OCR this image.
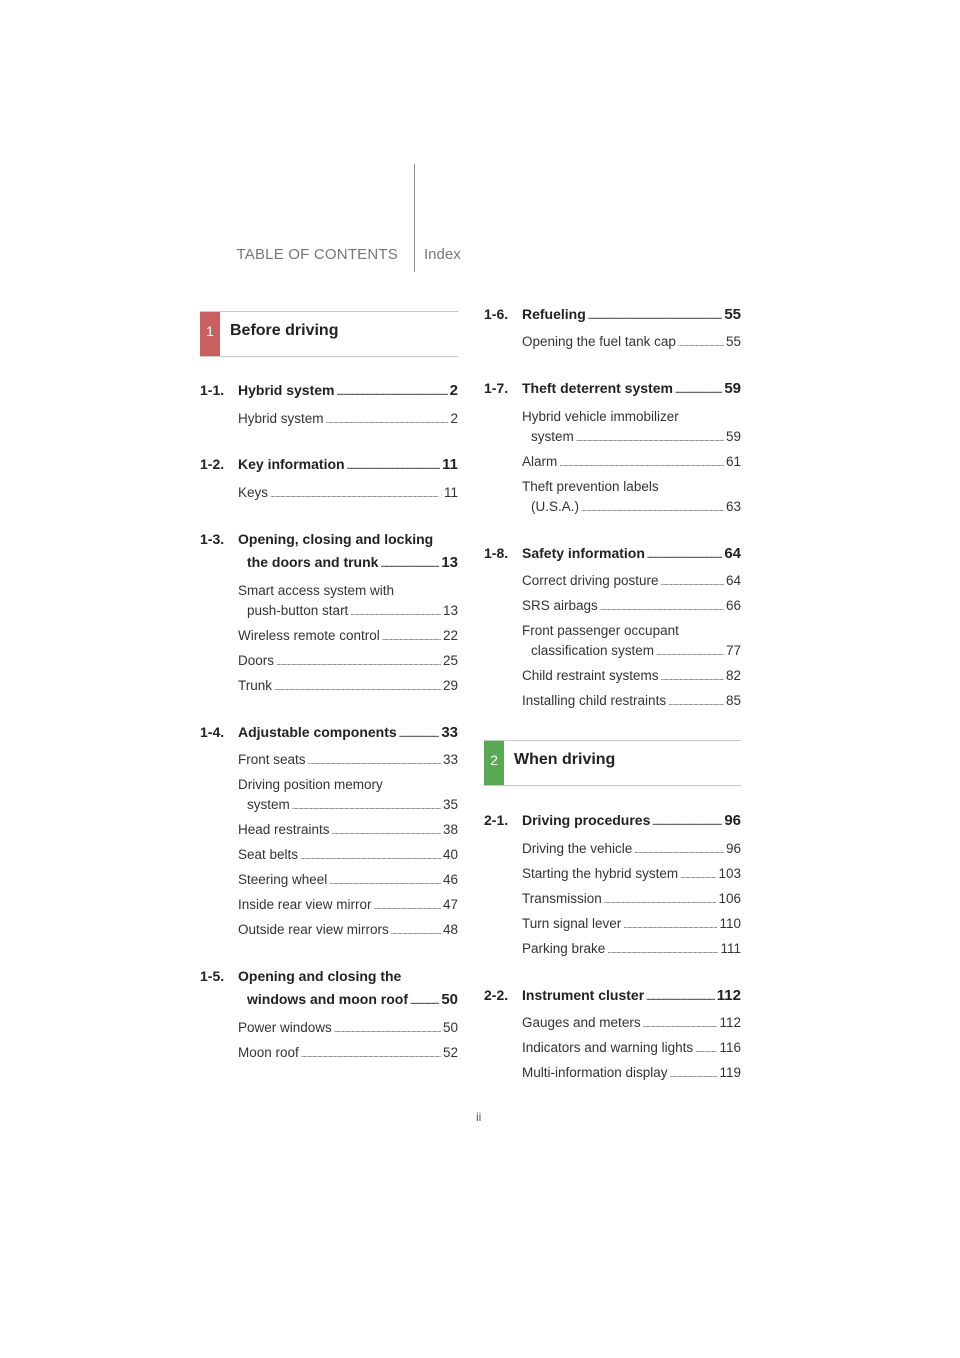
TABLE OF CONTENTS Index
1	Before driving
1-1. Hybrid system . . .	2
Hybrid system . . .	2
1-2. Key information . . .	11
Keys . . .	11
1-3. Opening, closing and locking
the doors and trunk . . .	13
Smart access system with
push-button start . . .	13
Wireless remote control . . .	22
Doors . . .	25
Trunk . . .	29
1-4. Adjustable components . . .	33
Front seats . . .	33
Driving position memory
system . . .	35
Head restraints . . .	38
Seat belts . . .	40
Steering wheel . . .	46
Inside rear view mirror . . .	47
Outside rear view mirrors . . .	48
1-5. Opening and closing the
windows and moon roof . . . 50
Power windows . . .	50
Moon roof . . .	52
1-6. Refueling . . .	55
Opening the fuel tank cap . . .	55
1-7. Theft deterrent system . . .	59
Hybrid vehicle immobilizer
system . . .	59
Alarm . . .	61
Theft prevention labels
(U.S.A.) . . .	63
1-8. Safety information . . .	64
Correct driving posture . . .	64
SRS airbags . . .	66
Front passenger occupant
classification system . . .	77
Child restraint systems . . .	82
Installing child restraints . . .	85
2	When driving
2-1. Driving procedures . . .	96
Driving the vehicle . . .	96
Starting the hybrid system . . .	103
Transmission . . .	106
Turn signal lever . . .	110
Parking brake . . .	111
2-2. Instrument cluster . . .	112
Gauges and meters . . .	112
Indicators and warning lights . . . 116
Multi-information display . . .	119
ii
